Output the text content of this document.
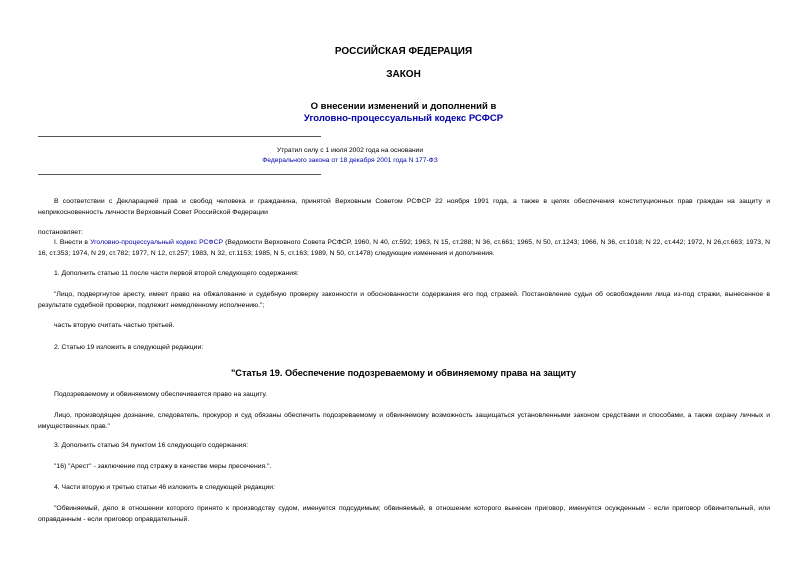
РОССИЙСКАЯ ФЕДЕРАЦИЯ
ЗАКОН
О внесении изменений и дополнений в
Уголовно-процессуальный кодекс РСФСР
Утратил силу с 1 июля 2002 года на основании
Федерального закона от 18 декабря 2001 года N 177-ФЗ
В соответствии с Декларацией прав и свобод человека и гражданина, принятой Верховным Советом РСФСР 22 ноября 1991 года, а также в целях обеспечения конституционных прав граждан на защиту и неприкосновенность личности Верховный Совет Российской Федерации
постановляет:
I. Внести в Уголовно-процессуальный кодекс РСФСР (Ведомости Верховного Совета РСФСР, 1960, N 40, ст.592; 1963, N 15, ст.288; N 36, ст.661; 1965, N 50, ст.1243; 1966, N 36, ст.1018; N 22, ст.442; 1972, N 26,ст.663; 1973, N 16, ст.353; 1974, N 29, ст.782; 1977, N 12, ст.257; 1983, N 32, ст.1153; 1985, N 5, ст.163; 1989, N 50, ст.1478) следующие изменения и дополнения.
1. Дополнить статью 11 после части первой второй следующего содержания:
"Лицо, подвергнутое аресту, имеет право на обжалование и судебную проверку законности и обоснованности содержания его под стражей. Постановление судьи об освобождении лица из-под стражи, вынесенное в результате судебной проверки, подлежит немедленному исполнению.";
часть вторую считать частью третьей.
2. Статью 19 изложить в следующей редакции:
"Статья 19. Обеспечение подозреваемому и обвиняемому права на защиту
Подозреваемому и обвиняемому обеспечивается право на защиту.
Лицо, производящее дознание, следователь, прокурор и суд обязаны обеспечить подозреваемому и обвиняемому возможность защищаться установленными законом средствами и способами, а также охрану личных и имущественных прав."
3. Дополнить статью 34 пунктом 16 следующего содержания:
"16) "Арест" - заключение под стражу в качестве меры пресечения.".
4. Части вторую и третью статьи 46 изложить в следующей редакции:
"Обвиняемый, дело в отношении которого принято к производству судом, именуется подсудимым; обвиняемый, в отношении которого вынесен приговор, именуется осужденным - если приговор обвинительный, или оправданным - если приговор оправдательный.
